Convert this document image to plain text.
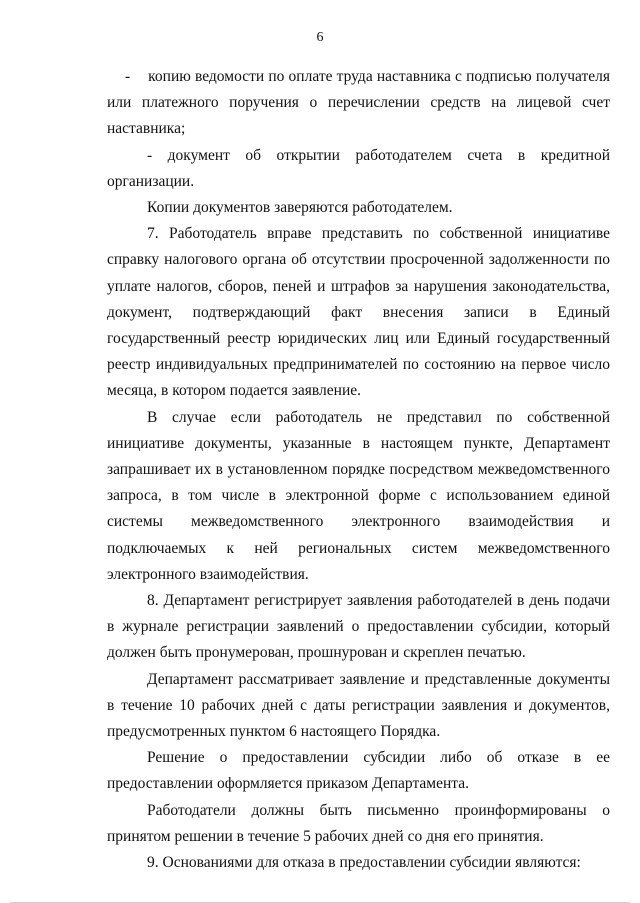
6

- копию ведомости по оплате труда наставника с подписью получателя или платежного поручения о перечислении средств на лицевой счет наставника;

- документ об открытии работодателем счета в кредитной организации.

Копии документов заверяются работодателем.

7. Работодатель вправе представить по собственной инициативе справку налогового органа об отсутствии просроченной задолженности по уплате налогов, сборов, пеней и штрафов за нарушения законодательства, документ, подтверждающий факт внесения записи в Единый государственный реестр юридических лиц или Единый государственный реестр индивидуальных предпринимателей по состоянию на первое число месяца, в котором подается заявление.

В случае если работодатель не представил по собственной инициативе документы, указанные в настоящем пункте, Департамент запрашивает их в установленном порядке посредством межведомственного запроса, в том числе в электронной форме с использованием единой системы межведомственного электронного взаимодействия и подключаемых к ней региональных систем межведомственного электронного взаимодействия.

8. Департамент регистрирует заявления работодателей в день подачи в журнале регистрации заявлений о предоставлении субсидии, который должен быть пронумерован, прошнурован и скреплен печатью.

Департамент рассматривает заявление и представленные документы в течение 10 рабочих дней с даты регистрации заявления и документов, предусмотренных пунктом 6 настоящего Порядка.

Решение о предоставлении субсидии либо об отказе в ее предоставлении оформляется приказом Департамента.

Работодатели должны быть письменно проинформированы о принятом решении в течение 5 рабочих дней со дня его принятия.

9. Основаниями для отказа в предоставлении субсидии являются:
